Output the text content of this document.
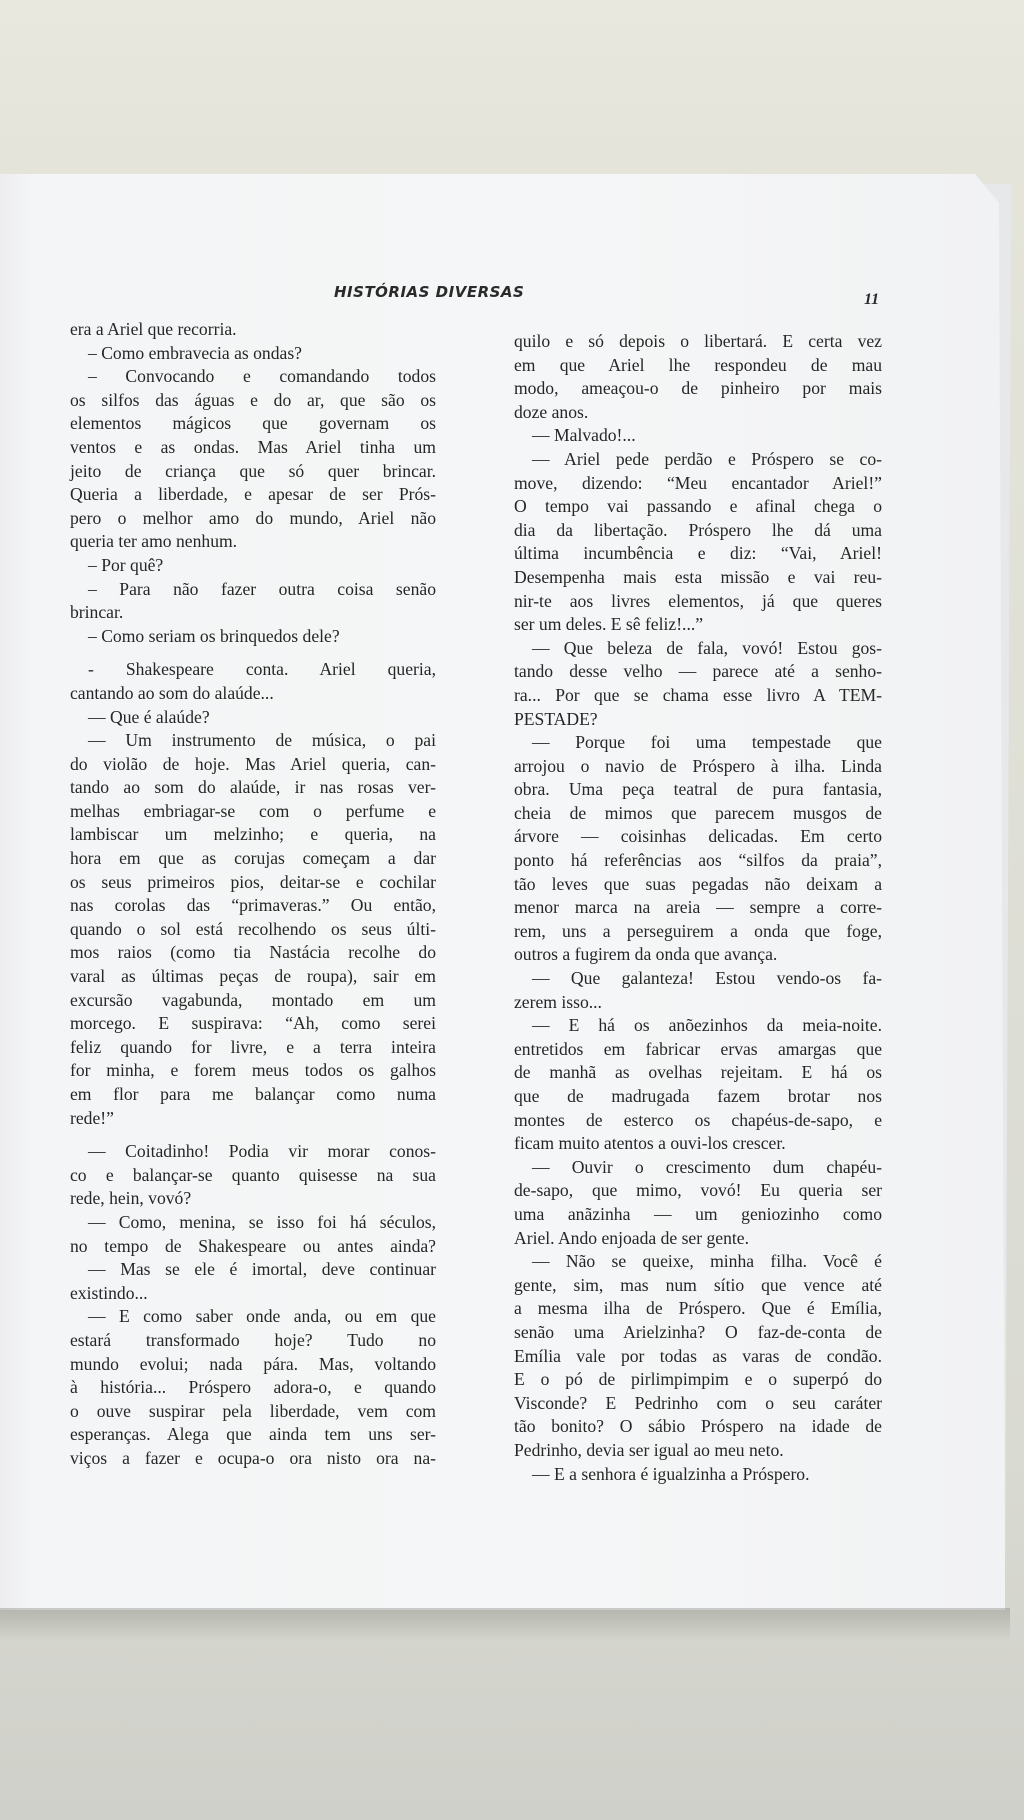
HISTÓRIAS DIVERSAS	11
era a Ariel que recorria.
– Como embravecia as ondas?
– Convocando e comandando todos
os silfos das águas e do ar, que são os
elementos mágicos que governam os
ventos e as ondas. Mas Ariel tinha um
jeito de criança que só quer brincar.
Queria a liberdade, e apesar de ser Prós-
pero o melhor amo do mundo, Ariel não
queria ter amo nenhum.
– Por quê?
– Para não fazer outra coisa senão
brincar.
– Como seriam os brinquedos dele?
- Shakespeare conta. Ariel queria,
cantando ao som do alaúde...
— Que é alaúde?
— Um instrumento de música, o pai
do violão de hoje. Mas Ariel queria, can-
tando ao som do alaúde, ir nas rosas ver-
melhas embriagar-se com o perfume e
lambiscar um melzinho; e queria, na
hora em que as corujas começam a dar
os seus primeiros pios, deitar-se e cochilar
nas corolas das “primaveras.” Ou então,
quando o sol está recolhendo os seus últi-
mos raios (como tia Nastácia recolhe do
varal as últimas peças de roupa), sair em
excursão vagabunda, montado em um
morcego. E suspirava: “Ah, como serei
feliz quando for livre, e a terra inteira
for minha, e forem meus todos os galhos
em flor para me balançar como numa
rede!”
— Coitadinho! Podia vir morar conos-
co e balançar-se quanto quisesse na sua
rede, hein, vovó?
— Como, menina, se isso foi há séculos,
no tempo de Shakespeare ou antes ainda?
— Mas se ele é imortal, deve continuar
existindo...
— E como saber onde anda, ou em que
estará transformado hoje? Tudo no
mundo evolui; nada pára. Mas, voltando
à história... Próspero adora-o, e quando
o ouve suspirar pela liberdade, vem com
esperanças. Alega que ainda tem uns ser-
viços a fazer e ocupa-o ora nisto ora na-
quilo e só depois o libertará. E certa vez
em que Ariel lhe respondeu de mau
modo, ameaçou-o de pinheiro por mais
doze anos.
— Malvado!...
— Ariel pede perdão e Próspero se co-
move, dizendo: “Meu encantador Ariel!”
O tempo vai passando e afinal chega o
dia da libertação. Próspero lhe dá uma
última incumbência e diz: “Vai, Ariel!
Desempenha mais esta missão e vai reu-
nir-te aos livres elementos, já que queres
ser um deles. E sê feliz!...”
— Que beleza de fala, vovó! Estou gos-
tando desse velho — parece até a senho-
ra... Por que se chama esse livro A TEM-
PESTADE?
— Porque foi uma tempestade que
arrojou o navio de Próspero à ilha. Linda
obra. Uma peça teatral de pura fantasia,
cheia de mimos que parecem musgos de
árvore — coisinhas delicadas. Em certo
ponto há referências aos “silfos da praia”,
tão leves que suas pegadas não deixam a
menor marca na areia — sempre a corre-
rem, uns a perseguirem a onda que foge,
outros a fugirem da onda que avança.
— Que galanteza! Estou vendo-os fa-
zerem isso...
— E há os anõezinhos da meia-noite.
entretidos em fabricar ervas amargas que
de manhã as ovelhas rejeitam. E há os
que de madrugada fazem brotar nos
montes de esterco os chapéus-de-sapo, e
ficam muito atentos a ouvi-los crescer.
— Ouvir o crescimento dum chapéu-
de-sapo, que mimo, vovó! Eu queria ser
uma anãzinha — um geniozinho como
Ariel. Ando enjoada de ser gente.
— Não se queixe, minha filha. Você é
gente, sim, mas num sítio que vence até
a mesma ilha de Próspero. Que é Emília,
senão uma Arielzinha? O faz-de-conta de
Emília vale por todas as varas de condão.
E o pó de pirlimpimpim e o superpó do
Visconde? E Pedrinho com o seu caráter
tão bonito? O sábio Próspero na idade de
Pedrinho, devia ser igual ao meu neto.
— E a senhora é igualzinha a Próspero.
